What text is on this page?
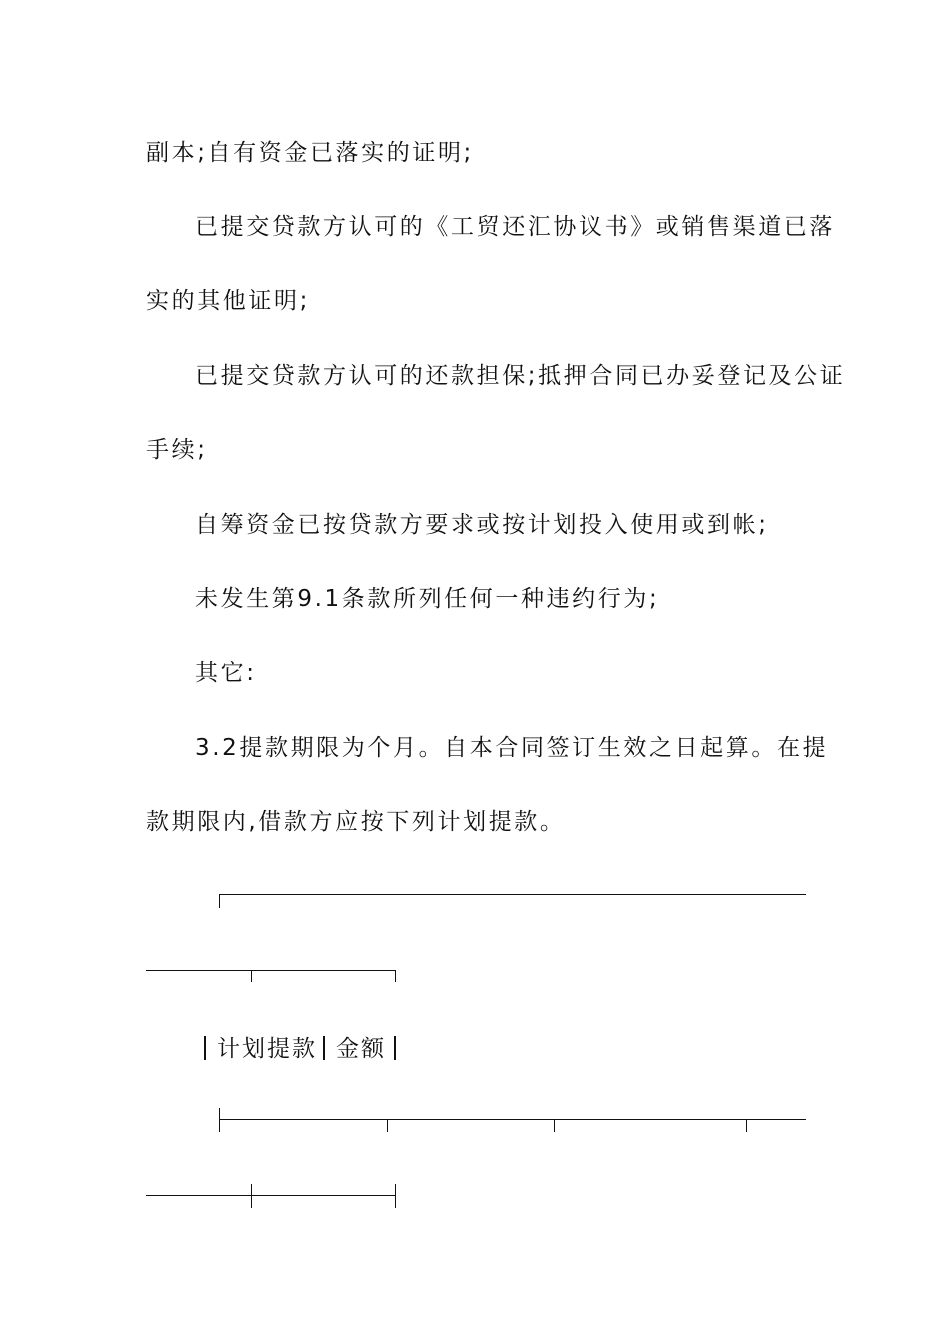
副本;自有资金已落实的证明;
已提交贷款方认可的《工贸还汇协议书》或销售渠道已落
实的其他证明;
已提交贷款方认可的还款担保;抵押合同已办妥登记及公证
手续;
自筹资金已按贷款方要求或按计划投入使用或到帐;
未发生第9.1条款所列任何一种违约行为;
其它:
3.2提款期限为个月。自本合同签订生效之日起算。在提
款期限内,借款方应按下列计划提款。
计划提款 金额
